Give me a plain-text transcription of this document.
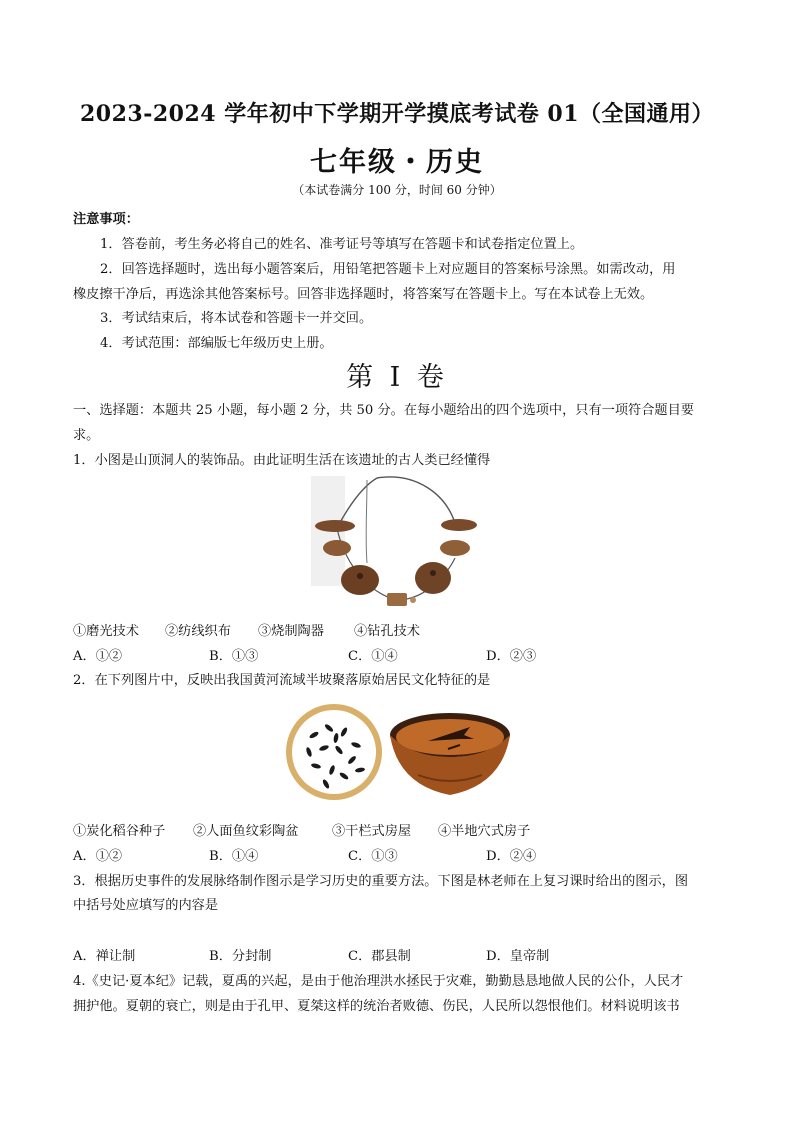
2023-2024 学年初中下学期开学摸底考试卷 01（全国通用）
七年级・历史
（本试卷满分 100 分，时间 60 分钟）
注意事项：
1．答卷前，考生务必将自己的姓名、准考证号等填写在答题卡和试卷指定位置上。
2．回答选择题时，选出每小题答案后，用铅笔把答题卡上对应题目的答案标号涂黑。如需改动，用
橡皮擦干净后，再选涂其他答案标号。回答非选择题时，将答案写在答题卡上。写在本试卷上无效。
3．考试结束后，将本试卷和答题卡一并交回。
4．考试范围：部编版七年级历史上册。
第 I 卷
一、选择题：本题共 25 小题，每小题 2 分，共 50 分。在每小题给出的四个选项中，只有一项符合题目要
求。
1．小图是山顶洞人的装饰品。由此证明生活在该遗址的古人类已经懂得
①磨光技术 ②纺线织布 ③烧制陶器 ④钻孔技术
A．①②	B．①③	C．①④	D．②③
2．在下列图片中，反映出我国黄河流域半坡聚落原始居民文化特征的是
①炭化稻谷种子 ②人面鱼纹彩陶盆	③干栏式房屋 ④半地穴式房子
A．①②	B．①④	C．①③	D．②④
3．根据历史事件的发展脉络制作图示是学习历史的重要方法。下图是林老师在上复习课时给出的图示，图
中括号处应填写的内容是
A．禅让制	B．分封制	C．郡县制	D．皇帝制
4.《史记·夏本纪》记载，夏禹的兴起，是由于他治理洪水拯民于灾难，勤勤恳恳地做人民的公仆，人民才
拥护他。夏朝的衰亡，则是由于孔甲、夏桀这样的统治者败德、伤民，人民所以怨恨他们。材料说明该书
